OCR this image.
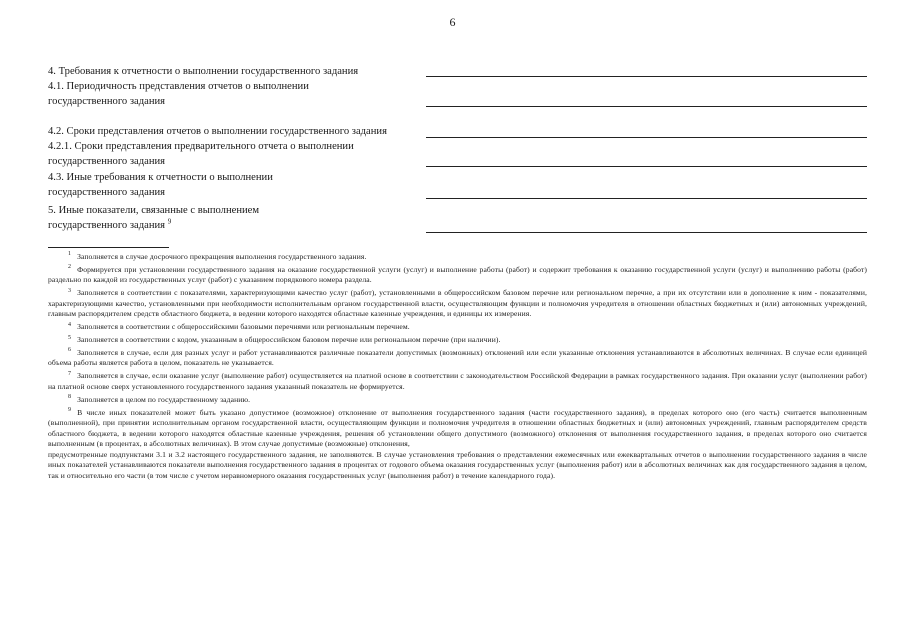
6
4. Требования к отчетности о выполнении государственного задания
4.1. Периодичность представления отчетов о выполнении
государственного задания
4.2. Сроки представления отчетов о выполнении государственного задания
4.2.1. Сроки представления предварительного отчета о выполнении
государственного задания
4.3. Иные требования к отчетности о выполнении
государственного задания
5. Иные показатели, связанные с выполнением
государственного задания $^9$

$^1$ Заполняется в случае досрочного прекращения выполнения государственного задания.

$^2$ Формируется при установлении государственного задания на оказание государственной услуги (услуг) и выполнение работы (работ) и содержит требования к оказанию государственной услуги (услуг) и выполнению работы (работ) раздельно по каждой из государственных услуг (работ) с указанием порядкового номера раздела.

$^3$ Заполняется в соответствии с показателями, характеризующими качество услуг (работ), установленными в общероссийском базовом перечне или региональном перечне, а при их отсутствии или в дополнение к ним - показателями, характеризующими качество, установленными при необходимости исполнительным органом государственной власти, осуществляющим функции и полномочия учредителя в отношении областных бюджетных и (или) автономных учреждений, главным распорядителем средств областного бюджета, в ведении которого находятся областные казенные учреждения, и единицы их измерения.

$^4$ Заполняется в соответствии с общероссийскими базовыми перечнями или региональным перечнем.

$^5$ Заполняется в соответствии с кодом, указанным в общероссийском базовом перечне или региональном перечне (при наличии).

$^6$ Заполняется в случае, если для разных услуг и работ устанавливаются различные показатели допустимых (возможных) отклонений или если указанные отклонения устанавливаются в абсолютных величинах. В случае если единицей объема работы является работа в целом, показатель не указывается.

$^7$ Заполняется в случае, если оказание услуг (выполнение работ) осуществляется на платной основе в соответствии с законодательством Российской Федерации в рамках государственного задания. При оказании услуг (выполнении работ) на платной основе сверх установленного государственного задания указанный показатель не формируется.

$^8$ Заполняется в целом по государственному заданию.

$^9$ В числе иных показателей может быть указано допустимое (возможное) отклонение от выполнения государственного задания (части государственного задания), в пределах которого оно (его часть) считается выполненным (выполненной), при принятии исполнительным органом государственной власти, осуществляющим функции и полномочия учредителя в отношении областных бюджетных и (или) автономных учреждений, главным распорядителем средств областного бюджета, в ведении которого находятся областные казенные учреждения, решения об установлении общего допустимого (возможного) отклонения от выполнения государственного задания, в пределах которого оно считается выполненным (в процентах, в абсолютных величинах). В этом случае допустимые (возможные) отклонения,

предусмотренные подпунктами 3.1 и 3.2 настоящего государственного задания, не заполняются. В случае установления требования о представлении ежемесячных или ежеквартальных отчетов о выполнении государственного задания в числе иных показателей устанавливаются показатели выполнения государственного задания в процентах от годового объема оказания государственных услуг (выполнения работ) или в абсолютных величинах как для государственного задания в целом, так и относительно его части (в том числе с учетом неравномерного оказания государственных услуг (выполнения работ) в течение календарного года).
